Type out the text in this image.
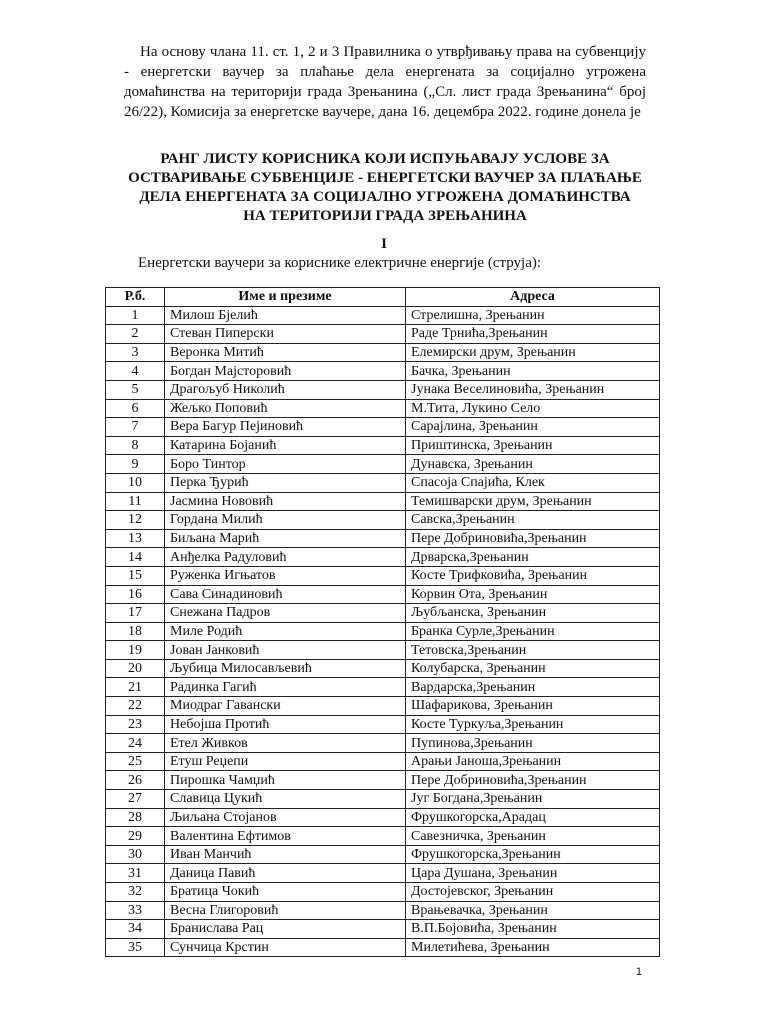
На основу члана 11. ст. 1, 2 и 3 Правилника о утврђивању права на субвенцију - енергетски ваучер за плаћање дела енергената за социјално угрожена домаћинства на територији града Зрењанина („Сл. лист града Зрењанина“ број 26/22), Комисија за енергетске ваучере, дана 16. децембра 2022. године донела је
РАНГ ЛИСТУ КОРИСНИКА КОЈИ ИСПУЊАВАЈУ УСЛОВЕ ЗА
ОСТВАРИВАЊЕ СУБВЕНЦИЈЕ - ЕНЕРГЕТСКИ ВАУЧЕР ЗА ПЛАЋАЊЕ
ДЕЛА ЕНЕРГЕНАТА ЗА СОЦИЈАЛНО УГРОЖЕНА ДОМАЋИНСТВА
НА ТЕРИТОРИЈИ ГРАДА ЗРЕЊАНИНА
I
Енергетски ваучери за кориснике електричне енергије (струја):
Р.б.	Име и презиме	Адреса
1	Милош Бјелић	Стрелишна, Зрењанин
2	Стеван Пиперски	Раде Трнића,Зрењанин
3	Веронка Митић	Елемирски друм, Зрењанин
4	Богдан Мајсторовић	Бачка, Зрењанин
5	Драгољуб Николић	Јунака Веселиновића, Зрењанин
6	Жељко Поповић	М.Тита, Лукино Село
7	Вера Багур Пејиновић	Сарајлина, Зрењанин
8	Катарина Бојанић	Приштинска, Зрењанин
9	Боро Тинтор	Дунавска, Зрењанин
10	Перка Ђурић	Спасоја Спајића, Клек
11	Јасмина Нововић	Темишварски друм, Зрењанин
12	Гордана Милић	Савска,Зрењанин
13	Биљана Марић	Пере Добриновића,Зрењанин
14	Анђелка Радуловић	Дрварска,Зрењанин
15	Руженка Игњатов	Косте Трифковића, Зрењанин
16	Сава Синадиновић	Корвин Ота, Зрењанин
17	Снежана Падров	Љубљанска, Зрењанин
18	Миле Родић	Бранка Сурле,Зрењанин
19	Јован Јанковић	Тетовска,Зрењанин
20	Љубица Милосављевић	Колубарска, Зрењанин
21	Радинка Гагић	Вардарска,Зрењанин
22	Миодраг Гавански	Шафарикова, Зрењанин
23	Небојша Протић	Косте Туркуља,Зрењанин
24	Етел Живков	Пупинова,Зрењанин
25	Етуш Реџепи	Арањи Јаноша,Зрењанин
26	Пирошка Чамџић	Пере Добриновића,Зрењанин
27	Славица Цукић	Југ Богдана,Зрењанин
28	Љиљана Стојанов	Фрушкогорска,Арадац
29	Валентина Ефтимов	Савезничка, Зрењанин
30	Иван Манчић	Фрушкогорска,Зрењанин
31	Даница Павић	Цара Душана, Зрењанин
32	Братица Чокић	Достојевског, Зрењанин
33	Весна Глигоровић	Врањевачка, Зрењанин
34	Бранислава Рац	В.П.Бојовића, Зрењанин
35	Сунчица Крстин	Милетићева, Зрењанин
1
